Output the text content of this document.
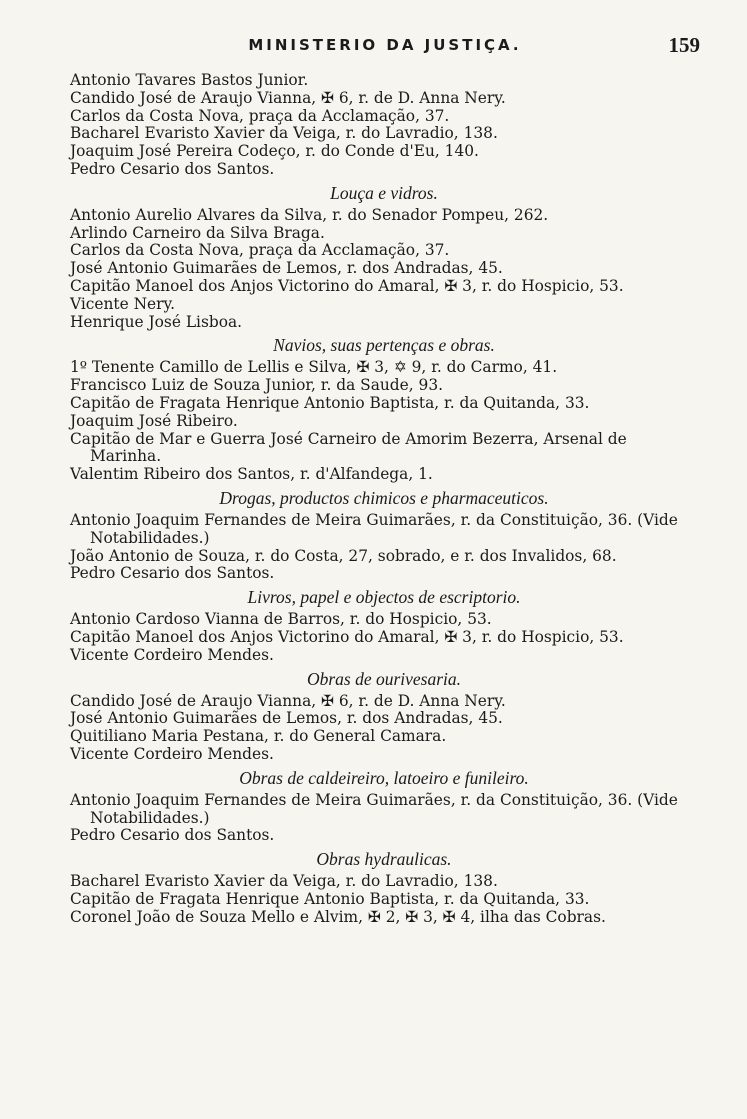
MINISTERIO DA JUSTIÇA.	159

Antonio Tavares Bastos Junior.

Candido José de Araujo Vianna, ✠ 6, r. de D. Anna Nery.

Carlos da Costa Nova, praça da Acclamação, 37.

Bacharel Evaristo Xavier da Veiga, r. do Lavradio, 138.

Joaquim José Pereira Codeço, r. do Conde d'Eu, 140.

Pedro Cesario dos Santos.

Louça e vidros.

Antonio Aurelio Alvares da Silva, r. do Senador Pompeu, 262.

Arlindo Carneiro da Silva Braga.

Carlos da Costa Nova, praça da Acclamação, 37.

José Antonio Guimarães de Lemos, r. dos Andradas, 45.

Capitão Manoel dos Anjos Victorino do Amaral, ✠ 3, r. do Hospicio, 53.

Vicente Nery.

Henrique José Lisboa.

Navios, suas pertenças e obras.

1º Tenente Camillo de Lellis e Silva, ✠ 3, ✡ 9, r. do Carmo, 41.

Francisco Luiz de Souza Junior, r. da Saude, 93.

Capitão de Fragata Henrique Antonio Baptista, r. da Quitanda, 33.

Joaquim José Ribeiro.

Capitão de Mar e Guerra José Carneiro de Amorim Bezerra, Arsenal de Marinha.

Valentim Ribeiro dos Santos, r. d'Alfandega, 1.

Drogas, productos chimicos e pharmaceuticos.

Antonio Joaquim Fernandes de Meira Guimarães, r. da Constituição, 36. (Vide Notabilidades.)

João Antonio de Souza, r. do Costa, 27, sobrado, e r. dos Invalidos, 68.

Pedro Cesario dos Santos.

Livros, papel e objectos de escriptorio.

Antonio Cardoso Vianna de Barros, r. do Hospicio, 53.

Capitão Manoel dos Anjos Victorino do Amaral, ✠ 3, r. do Hospicio, 53.

Vicente Cordeiro Mendes.

Obras de ourivesaria.

Candido José de Araujo Vianna, ✠ 6, r. de D. Anna Nery.

José Antonio Guimarães de Lemos, r. dos Andradas, 45.

Quitiliano Maria Pestana, r. do General Camara.

Vicente Cordeiro Mendes.

Obras de caldeireiro, latoeiro e funileiro.

Antonio Joaquim Fernandes de Meira Guimarães, r. da Constituição, 36. (Vide Notabilidades.)

Pedro Cesario dos Santos.

Obras hydraulicas.

Bacharel Evaristo Xavier da Veiga, r. do Lavradio, 138.

Capitão de Fragata Henrique Antonio Baptista, r. da Quitanda, 33.

Coronel João de Souza Mello e Alvim, ✠ 2, ✠ 3, ✠ 4, ilha das Cobras.
